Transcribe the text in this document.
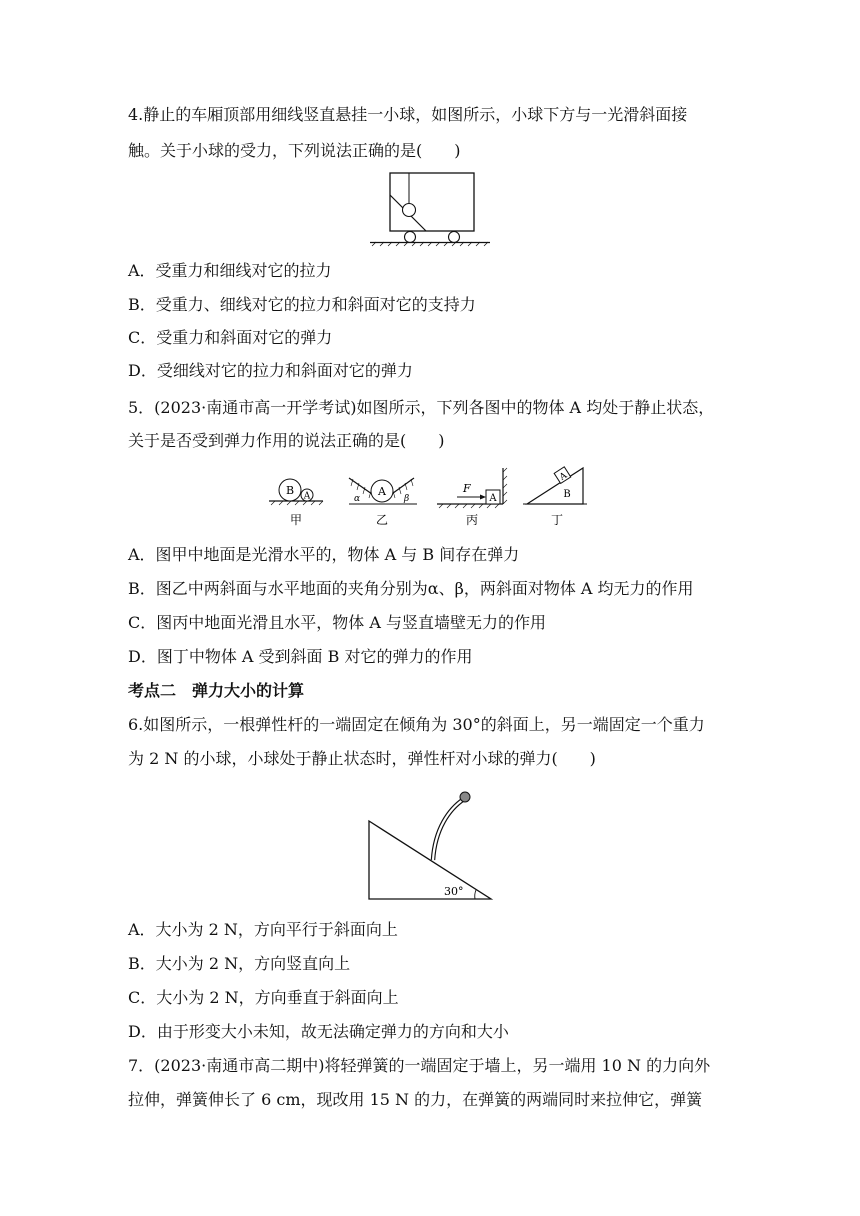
4.静止的车厢顶部用细线竖直悬挂一小球，如图所示，小球下方与一光滑斜面接
触。关于小球的受力，下列说法正确的是(　　)
A．受重力和细线对它的拉力
B．受重力、细线对它的拉力和斜面对它的支持力
C．受重力和斜面对它的弹力
D．受细线对它的拉力和斜面对它的弹力
5．(2023·南通市高一开学考试)如图所示，下列各图中的物体 A 均处于静止状态，
关于是否受到弹力作用的说法正确的是(　　)
B A	A
α	β	A
F
A
B
甲	乙	丙	丁
A．图甲中地面是光滑水平的，物体 A 与 B 间存在弹力
B．图乙中两斜面与水平地面的夹角分别为α、β，两斜面对物体 A 均无力的作用
C．图丙中地面光滑且水平，物体 A 与竖直墙壁无力的作用
D．图丁中物体 A 受到斜面 B 对它的弹力的作用
考点二　弹力大小的计算
6.如图所示，一根弹性杆的一端固定在倾角为 30°的斜面上，另一端固定一个重力
为 2 N 的小球，小球处于静止状态时，弹性杆对小球的弹力(　　)
30°
A．大小为 2 N，方向平行于斜面向上
B．大小为 2 N，方向竖直向上
C．大小为 2 N，方向垂直于斜面向上
D．由于形变大小未知，故无法确定弹力的方向和大小
7．(2023·南通市高二期中)将轻弹簧的一端固定于墙上，另一端用 10 N 的力向外
拉伸，弹簧伸长了 6 cm，现改用 15 N 的力，在弹簧的两端同时来拉伸它，弹簧
